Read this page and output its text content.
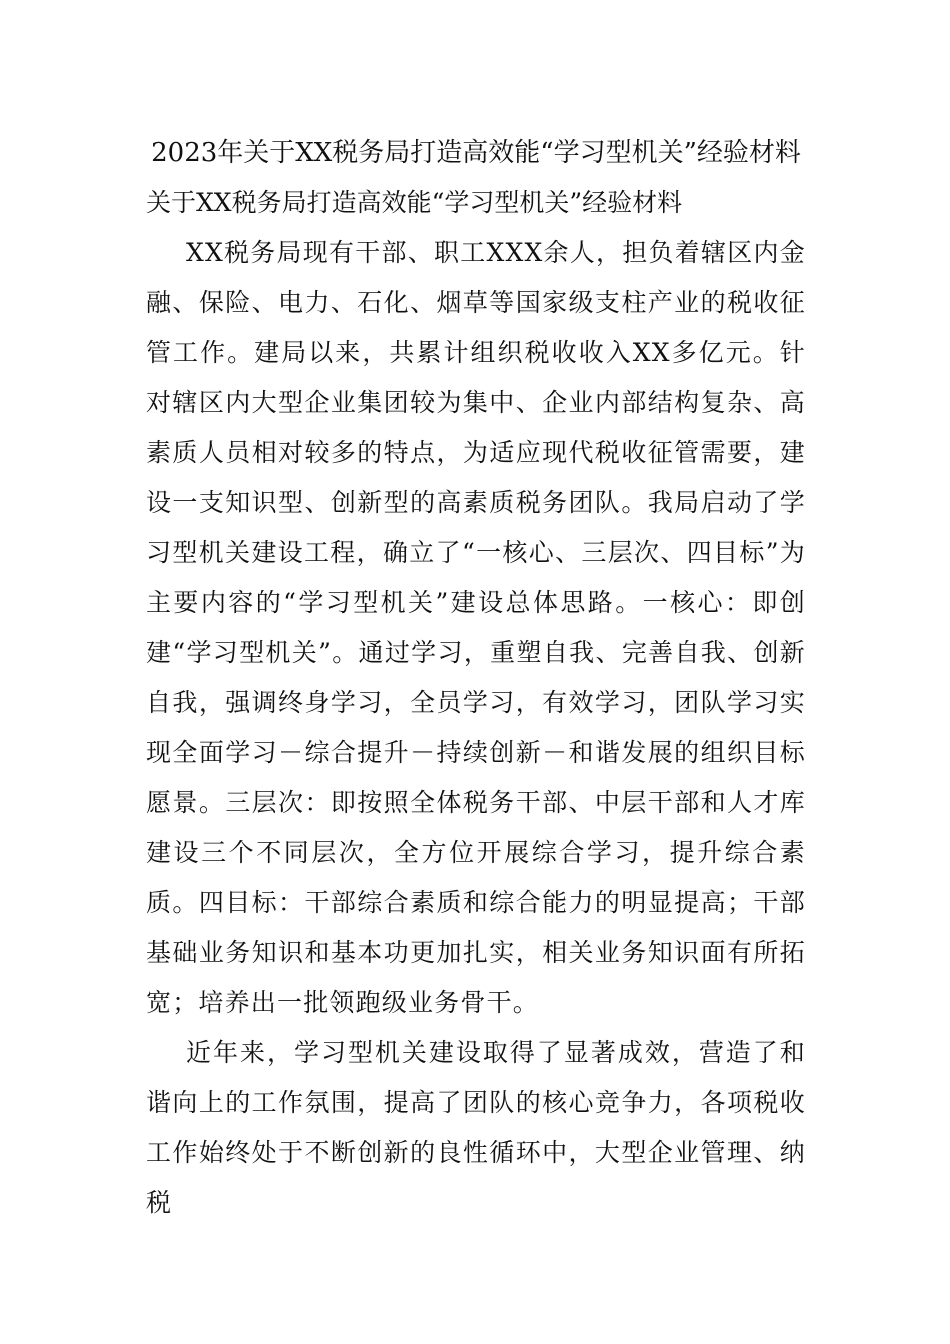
2023年关于XX税务局打造高效能“学习型机关”经验材料

关于XX税务局打造高效能“学习型机关”经验材料

XX税务局现有干部、职工XXX余人，担负着辖区内金融、保险、电力、石化、烟草等国家级支柱产业的税收征管工作。建局以来，共累计组织税收收入XX多亿元。针对辖区内大型企业集团较为集中、企业内部结构复杂、高素质人员相对较多的特点，为适应现代税收征管需要，建设一支知识型、创新型的高素质税务团队。我局启动了学习型机关建设工程，确立了“一核心、三层次、四目标”为主要内容的“学习型机关”建设总体思路。一核心：即创建“学习型机关”。通过学习，重塑自我、完善自我、创新自我，强调终身学习，全员学习，有效学习，团队学习实现全面学习－综合提升－持续创新－和谐发展的组织目标愿景。三层次：即按照全体税务干部、中层干部和人才库建设三个不同层次，全方位开展综合学习，提升综合素质。四目标：干部综合素质和综合能力的明显提高；干部基础业务知识和基本功更加扎实，相关业务知识面有所拓宽；培养出一批领跑级业务骨干。

近年来，学习型机关建设取得了显著成效，营造了和谐向上的工作氛围，提高了团队的核心竞争力，各项税收工作始终处于不断创新的良性循环中，大型企业管理、纳税
